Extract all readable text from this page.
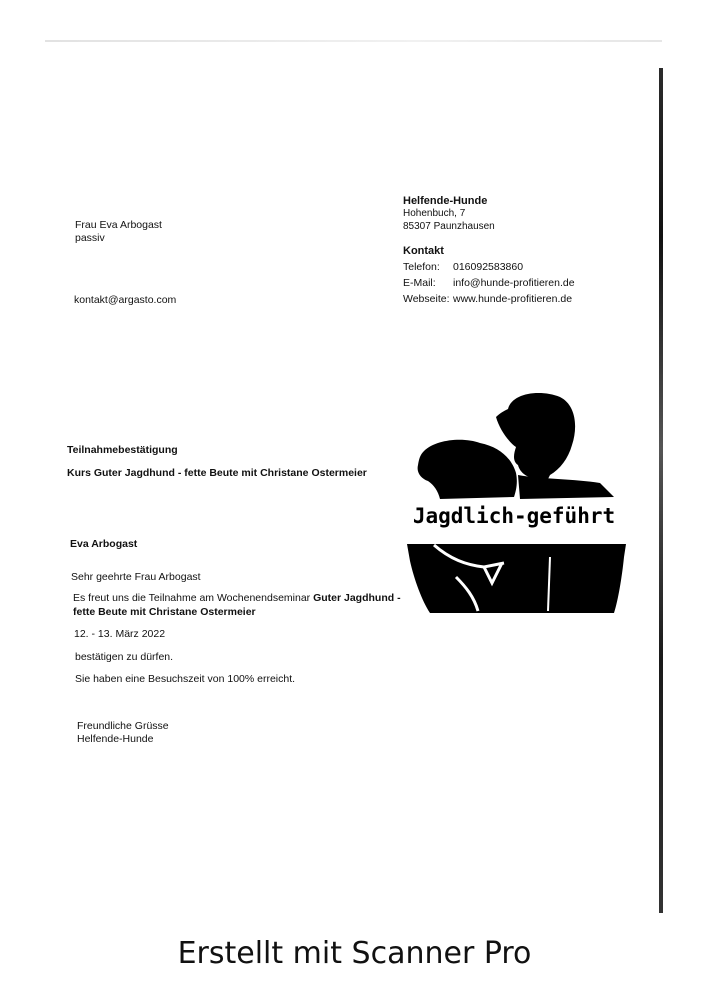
Frau Eva Arbogast
passiv
kontakt@argasto.com
Helfende-Hunde
Hohenbuch, 7
85307 Paunzhausen
Kontakt
Telefon:	016092583860
E-Mail:	info@hunde-profitieren.de
Webseite: www.hunde-profitieren.de
Jagdlich-geführt
Teilnahmebestätigung
Kurs Guter Jagdhund - fette Beute mit Christane Ostermeier
Eva Arbogast
Sehr geehrte Frau Arbogast
Es freut uns die Teilnahme am Wochenendseminar Guter Jagdhund -
fette Beute mit Christane Ostermeier
12. - 13. März 2022
bestätigen zu dürfen.
Sie haben eine Besuchszeit von 100% erreicht.
Freundliche Grüsse
Helfende-Hunde
Erstellt mit Scanner Pro
